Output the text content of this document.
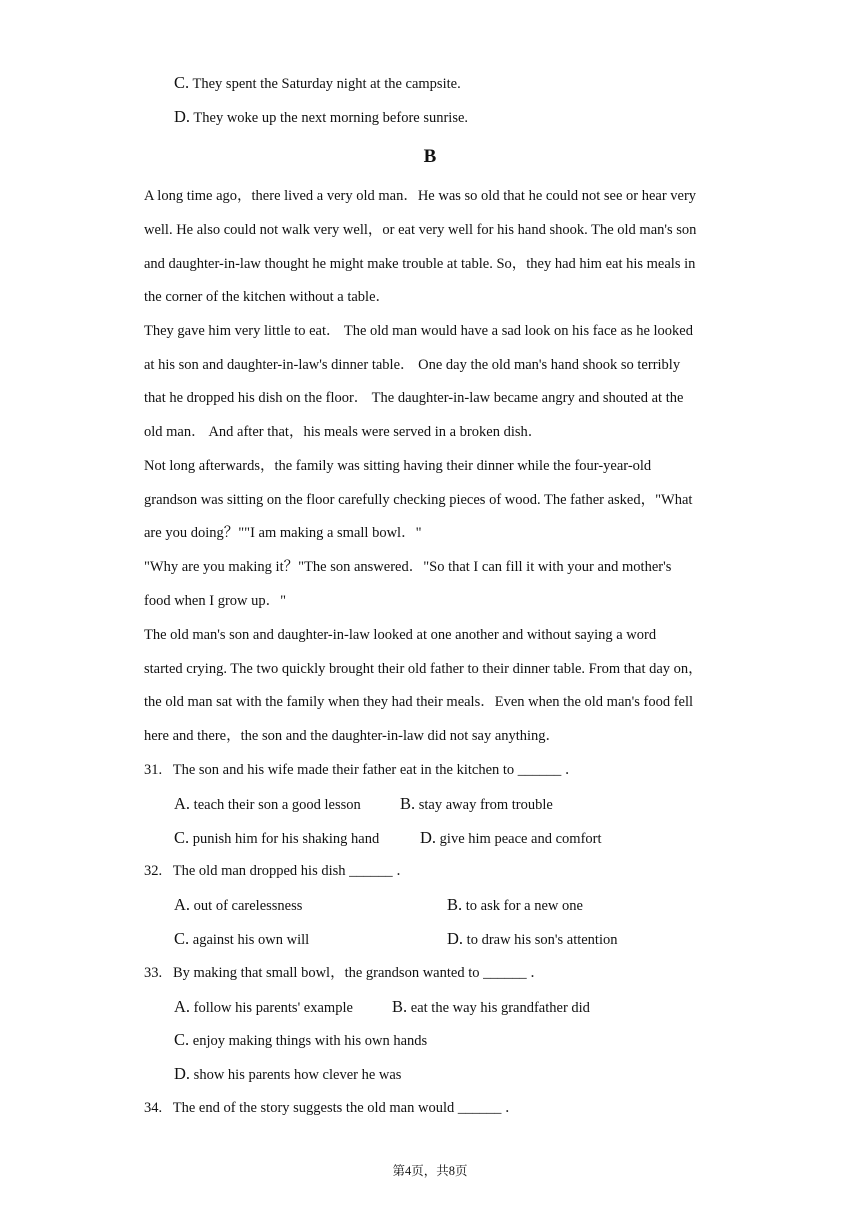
C. They spent the Saturday night at the campsite.
D. They woke up the next morning before sunrise.
B
A long time ago，there lived a very old man．He was so old that he could not see or hear very
well. He also could not walk very well，or eat very well for his hand shook. The old man's son
and daughter-in-law thought he might make trouble at table. So，they had him eat his meals in
the corner of the kitchen without a table．
They gave him very little to eat． The old man would have a sad look on his face as he looked
at his son and daughter-in-law's dinner table． One day the old man's hand shook so terribly
that he dropped his dish on the floor． The daughter-in-law became angry and shouted at the
old man． And after that，his meals were served in a broken dish．
Not long afterwards，the family was sitting having their dinner while the four-year-old
grandson was sitting on the floor carefully checking pieces of wood. The father asked，"What
are you doing？""I am making a small bowl．"
"Why are you making it？"The son answered．"So that I can fill it with your and mother's
food when I grow up．"
The old man's son and daughter-in-law looked at one another and without saying a word
started crying. The two quickly brought their old father to their dinner table. From that day on，
the old man sat with the family when they had their meals．Even when the old man's food fell
here and there，the son and the daughter-in-law did not say anything．
31. The son and his wife made their father eat in the kitchen to ______ ．
A. teach their son a good lesson B. stay away from trouble
C. punish him for his shaking hand D. give him peace and comfort
32. The old man dropped his dish ______ ．
A. out of carelessness	B. to ask for a new one
C. against his own will	D. to draw his son's attention
33. By making that small bowl，the grandson wanted to ______ ．
A. follow his parents' example B. eat the way his grandfather did
C. enjoy making things with his own hands
D. show his parents how clever he was
34. The end of the story suggests the old man would ______ ．
第4页，共8页
